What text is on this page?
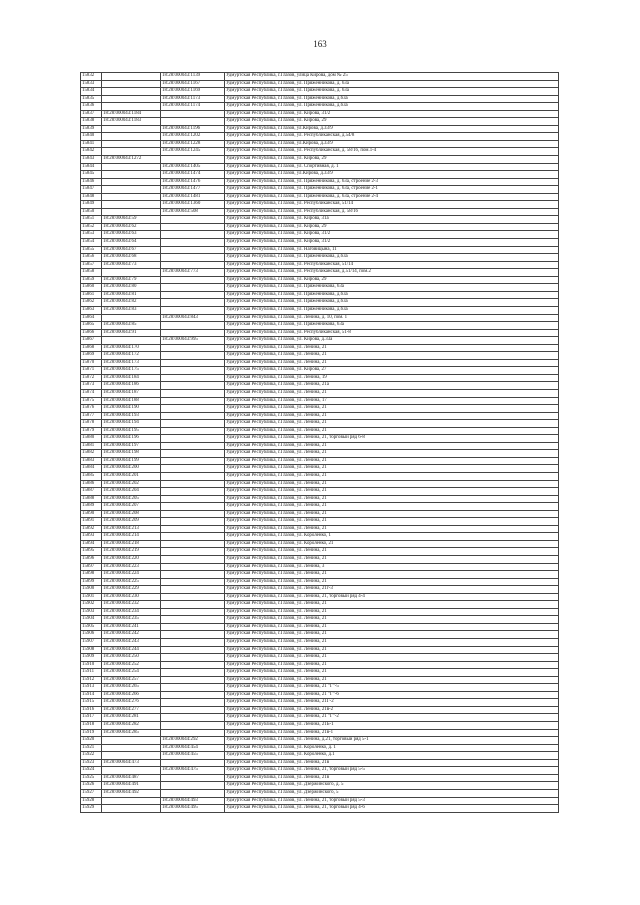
163
15832		18:28:000043:1139	Удмуртская Республика, г.Глазов, улица Кирова, дом № 25
15833		18:28:000043:1167	Удмуртская Республика, г.Глазов, ул. Пряженникова, д. 63а
15834		18:28:000043:1169	Удмуртская Республика, г.Глазов, ул. Пряженникова, д. 63а
15835		18:28:000043:1173	Удмуртская Республика, г.Глазов, ул. Пряженникова, д.63а
15836		18:28:000043:1174	Удмуртская Республика, г.Глазов, ул. Пряженникова, д.63а
15837	18:28:000043:1184		Удмуртская Республика, г.Глазов, ул. Кирова, 31/2
15838	18:28:000043:1183		Удмуртская Республика, г.Глазов, ул. Кирова, 29
15839		18:28:000043:1196	Удмуртская Республика, г.Глазов, ул.Кирова, д.33/9
15840		18:28:000043:1202	Удмуртская Республика, г.Глазов, ул. Республиканская, д.54/8
15841		18:28:000043:1228	Удмуртская Республика, г.Глазов, ул.Кирова, д.33/9
15842		18:28:000043:1245	Удмуртская Республика, г.Глазов, ул. Республиканская, д. 58/16, пом.1-4
15843	18:28:000043:1272		Удмуртская Республика, г.Глазов, ул. Кирова, 29
15844		18:28:000043:1405	Удмуртская Республика, г.Глазов, ул. Спортивная, д. 1
15845		18:28:000043:1474	Удмуртская Республика, г.Глазов, ул.Кирова, д.33/9
15846		18:28:000043:1476	Удмуртская Республика, г.Глазов, ул. Пряженникова, д. 63а, строение 2-3
15847		18:28:000043:1477	Удмуртская Республика, г.Глазов, ул. Пряженникова, д. 63а, строение 2-1
15848		18:28:000043:1481	Удмуртская Республика, г.Глазов, ул. Пряженникова, д. 63а, строение 2-4
15849		18:28:000043:1360	Удмуртская Республика, г.Глазов, ул. Республиканская, 51/14
15850		18:28:000043:508	Удмуртская Республика, г.Глазов, ул. Республиканская, д. 58/16
15851	18:28:000043:59		Удмуртская Республика, г.Глазов, ул. Кирова, 31а
15852	18:28:000043:62		Удмуртская Республика, г.Глазов, ул. Кирова, 29
15853	18:28:000043:63		Удмуртская Республика, г.Глазов, ул. Кирова, 31/2
15854	18:28:000043:64		Удмуртская Республика, г.Глазов, ул. Кирова, 31/2
15855	18:28:000043:67		Удмуртская Республика, г.Глазов, ул. Наговицына, 11
15856	18:28:000043:68		Удмуртская Республика, г.Глазов, ул. Пряженникова, д.63а
15857	18:28:000043:73		Удмуртская Республика, г.Глазов, ул. Республиканская, 51/14
15858		18:28:000043:773	Удмуртская Республика, г.Глазов, ул. Республиканская, д.51/14, пом.2
15859	18:28:000043:79		Удмуртская Республика, г.Глазов, ул. Кирова, 29
15860	18:28:000043:80		Удмуртская Республика, г.Глазов, ул. Пряженникова, 63а
15861	18:28:000043:81		Удмуртская Республика, г.Глазов, ул. Пряженникова, д.63а
15862	18:28:000043:82		Удмуртская Республика, г.Глазов, ул. Пряженникова, д.63а
15863	18:28:000043:83		Удмуртская Республика, г.Глазов, ул. Пряженникова, д.63а
15864		18:28:000043:843	Удмуртская Республика, г.Глазов, ул. Ленина, д. 10, пом. 1
15865	18:28:000043:85		Удмуртская Республика, г.Глазов, ул. Пряженникова, 63а
15866	18:28:000043:91		Удмуртская Республика, г.Глазов, ул. Республиканская, 51-8
15867		18:28:000043:995	Удмуртская Республика, г.Глазов, ул. Кирова, д.33а
15868	18:28:000044:170		Удмуртская Республика, г.Глазов, ул. Ленина, 21
15869	18:28:000044:172		Удмуртская Республика, г.Глазов, ул. Ленина, 21
15870	18:28:000044:173		Удмуртская Республика, г.Глазов, ул. Ленина, 21
15871	18:28:000044:175		Удмуртская Республика, г.Глазов, ул. Кирова, 27
15872	18:28:000044:184		Удмуртская Республика, г.Глазов, ул. Ленина, 19
15873	18:28:000044:186		Удмуртская Республика, г.Глазов, ул. Ленина, 21а
15874	18:28:000044:187		Удмуртская Республика, г.Глазов, ул. Ленина, 21
15875	18:28:000044:188		Удмуртская Республика, г.Глазов, ул. Ленина, 17
15876	18:28:000044:190		Удмуртская Республика, г.Глазов, ул. Ленина, 21
15877	18:28:000044:193		Удмуртская Республика, г.Глазов, ул. Ленина, 21
15878	18:28:000044:194		Удмуртская Республика, г.Глазов, ул. Ленина, 21
15879	18:28:000044:195		Удмуртская Республика, г.Глазов, ул. Ленина, 21
15880	18:28:000044:196		Удмуртская Республика, г.Глазов, ул. Ленина, 21, торговый ряд 6-8
15881	18:28:000044:197		Удмуртская Республика, г.Глазов, ул. Ленина, 21
15882	18:28:000044:198		Удмуртская Республика, г.Глазов, ул. Ленина, 21
15883	18:28:000044:199		Удмуртская Республика, г.Глазов, ул. Ленина, 21
15884	18:28:000044:200		Удмуртская Республика, г.Глазов, ул. Ленина, 21
15885	18:28:000044:201		Удмуртская Республика, г.Глазов, ул. Ленина, 21
15886	18:28:000044:202		Удмуртская Республика, г.Глазов, ул. Ленина, 21
15887	18:28:000044:204		Удмуртская Республика, г.Глазов, ул. Ленина, 21
15888	18:28:000044:205		Удмуртская Республика, г.Глазов, ул. Ленина, 21
15889	18:28:000044:207		Удмуртская Республика, г.Глазов, ул. Ленина, 21
15890	18:28:000044:208		Удмуртская Республика, г.Глазов, ул. Ленина, 21
15891	18:28:000044:209		Удмуртская Республика, г.Глазов, ул. Ленина, 21
15892	18:28:000044:213		Удмуртская Республика, г.Глазов, ул. Ленина, 21
15893	18:28:000044:214		Удмуртская Республика, г.Глазов, ул. Короленко, 1
15894	18:28:000044:218		Удмуртская Республика, г.Глазов, ул. Короленко, 21
15895	18:28:000044:219		Удмуртская Республика, г.Глазов, ул. Ленина, 21
15896	18:28:000044:220		Удмуртская Республика, г.Глазов, ул. Ленина, 21
15897	18:28:000044:223		Удмуртская Республика, г.Глазов, ул. Ленина, 3
15898	18:28:000044:224		Удмуртская Республика, г.Глазов, ул. Ленина, 21
15899	18:28:000044:225		Удмуртская Республика, г.Глазов, ул. Ленина, 21
15900	18:28:000044:229		Удмуртская Республика, г.Глазов, ул. Ленина, 21г-3
15901	18:28:000044:230		Удмуртская Республика, г.Глазов, ул. Ленина, 21, торговый ряд 4-4
15902	18:28:000044:232		Удмуртская Республика, г.Глазов, ул. Ленина, 21
15903	18:28:000044:234		Удмуртская Республика, г.Глазов, ул. Ленина, 21
15904	18:28:000044:235		Удмуртская Республика, г.Глазов, ул. Ленина, 21
15905	18:28:000044:241		Удмуртская Республика, г.Глазов, ул. Ленина, 21
15906	18:28:000044:242		Удмуртская Республика, г.Глазов, ул. Ленина, 21
15907	18:28:000044:243		Удмуртская Республика, г.Глазов, ул. Ленина, 21
15908	18:28:000044:244		Удмуртская Республика, г.Глазов, ул. Ленина, 21
15909	18:28:000044:250		Удмуртская Республика, г.Глазов, ул. Ленина, 21
15910	18:28:000044:252		Удмуртская Республика, г.Глазов, ул. Ленина, 21
15911	18:28:000044:254		Удмуртская Республика, г.Глазов, ул. Ленина, 21
15912	18:28:000044:257		Удмуртская Республика, г.Глазов, ул. Ленина, 21
15913	18:28:000044:265		Удмуртская Республика, г.Глазов, ул. Ленина, 21 "Г"-5
15914	18:28:000044:266		Удмуртская Республика, г.Глазов, ул. Ленина, 21 "Г"-6
15915	18:28:000044:276		Удмуртская Республика, г.Глазов, ул. Ленина, 21Г-2
15916	18:28:000044:277		Удмуртская Республика, г.Глазов, ул. Ленина, 21в-2
15917	18:28:000044:281		Удмуртская Республика, г.Глазов, ул. Ленина, 21 "Г"-2
15918	18:28:000044:282		Удмуртская Республика, г.Глазов, ул. Ленина, 21Б-1
15919	18:28:000044:285		Удмуртская Республика, г.Глазов, ул. Ленина, 21в-1
15920		18:28:000044:292	Удмуртская Республика, г.Глазов, ул. Ленина, д.21, торговый ряд 5-1
15921		18:28:000044:454	Удмуртская Республика, г.Глазов, ул. Короленко, д. 1
15922		18:28:000044:455	Удмуртская Республика, г.Глазов, ул. Короленко, д.1
15923	18:28:000044:473		Удмуртская Республика, г.Глазов, ул. Ленина, 21в
15924		18:28:000044:475	Удмуртская Республика, г.Глазов, ул. Ленина, 21, торговый ряд 5-5
15925	18:28:000044:487		Удмуртская Республика, г.Глазов, ул. Ленина, 21в
15926	18:28:000044:491		Удмуртская Республика, г.Глазов, ул. Дзержинского, д. 5
15927	18:28:000044:492		Удмуртская Республика, г.Глазов, ул. Дзержинского, 5
15928		18:28:000044:493	Удмуртская Республика, г.Глазов, ул. Ленина, 21, торговый ряд 5-3
15929		18:28:000044:495	Удмуртская Республика, г.Глазов, ул. Ленина, 21, торговый ряд 4-6
